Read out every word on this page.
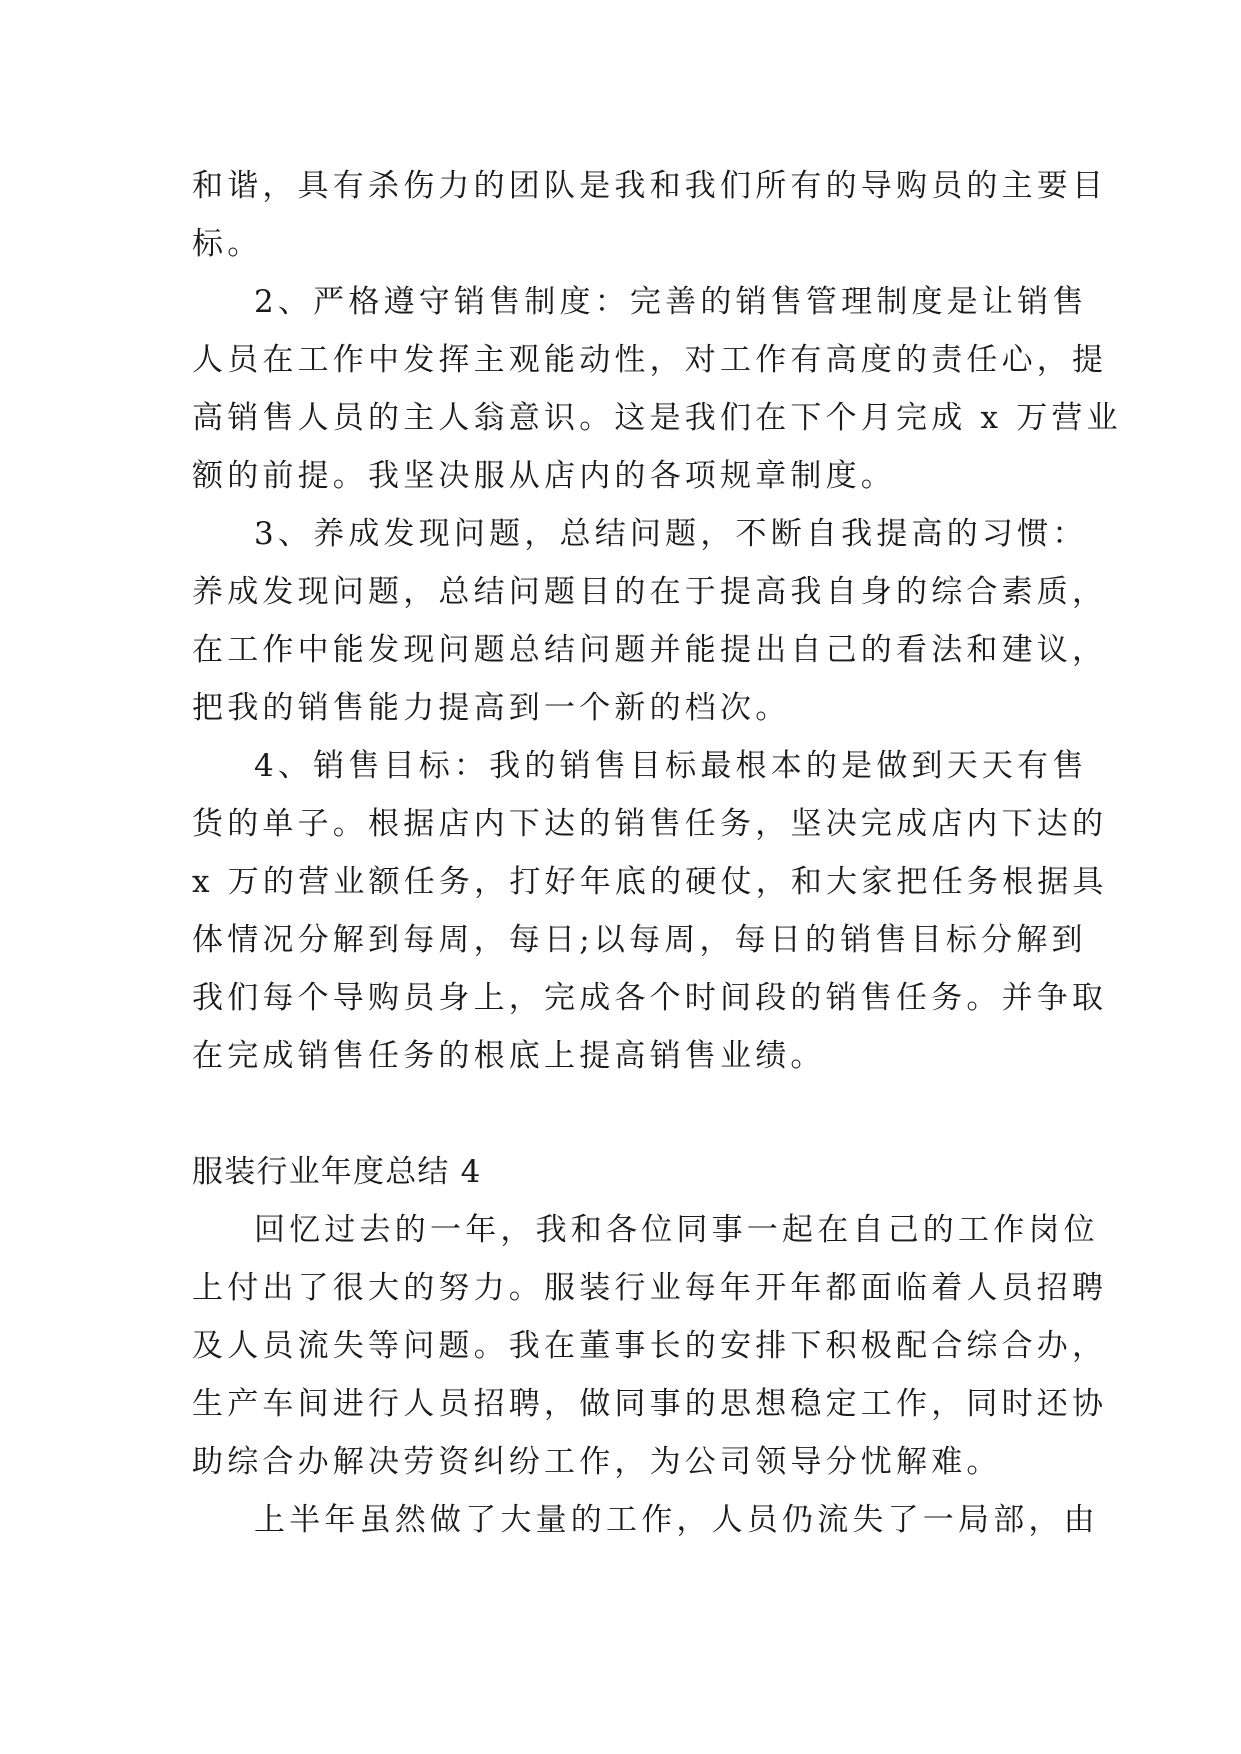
和谐，具有杀伤力的团队是我和我们所有的导购员的主要目
标。
2、严格遵守销售制度：完善的销售管理制度是让销售
人员在工作中发挥主观能动性，对工作有高度的责任心，提
高销售人员的主人翁意识。这是我们在下个月完成 x 万营业
额的前提。我坚决服从店内的各项规章制度。
3、养成发现问题，总结问题，不断自我提高的习惯：
养成发现问题，总结问题目的在于提高我自身的综合素质，
在工作中能发现问题总结问题并能提出自己的看法和建议，
把我的销售能力提高到一个新的档次。
4、销售目标：我的销售目标最根本的是做到天天有售
货的单子。根据店内下达的销售任务，坚决完成店内下达的
x 万的营业额任务，打好年底的硬仗，和大家把任务根据具
体情况分解到每周，每日;以每周，每日的销售目标分解到
我们每个导购员身上，完成各个时间段的销售任务。并争取
在完成销售任务的根底上提高销售业绩。
服装行业年度总结 4
回忆过去的一年，我和各位同事一起在自己的工作岗位
上付出了很大的努力。服装行业每年开年都面临着人员招聘
及人员流失等问题。我在董事长的安排下积极配合综合办，
生产车间进行人员招聘，做同事的思想稳定工作，同时还协
助综合办解决劳资纠纷工作，为公司领导分忧解难。
上半年虽然做了大量的工作，人员仍流失了一局部，由
